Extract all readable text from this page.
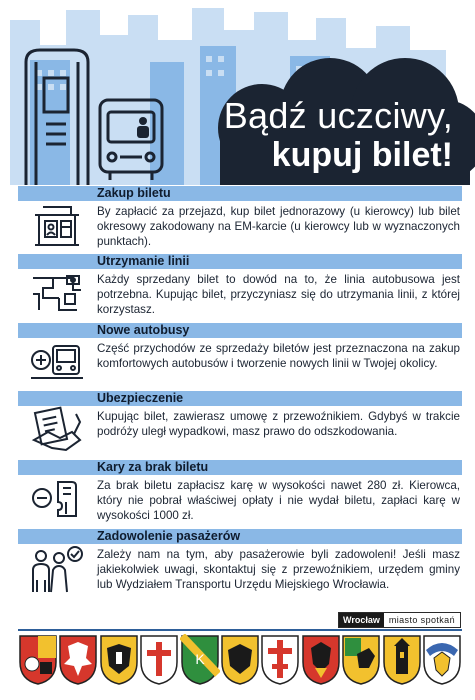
Bądź uczciwy,
kupuj bilet!
Zakup biletu
By zapłacić za przejazd, kup bilet jednorazowy (u kierowcy) lub bilet okresowy zakodowany na EM-karcie (u kierowcy lub w wyznaczonych punktach).
Utrzymanie linii
Każdy sprzedany bilet to dowód na to, że linia autobusowa jest potrzebna. Kupując bilet, przyczyniasz się do utrzymania linii, z której korzystasz.
Nowe autobusy
Część przychodów ze sprzedaży biletów jest przeznaczona na zakup komfortowych autobusów i tworzenie nowych linii w Twojej okolicy.
Ubezpieczenie
Kupując bilet, zawierasz umowę z przewoźnikiem. Gdybyś w trakcie podróży uległ wypadkowi, masz prawo do odszkodowania.
Kary za brak biletu
Za brak biletu zapłacisz karę w wysokości nawet 280 zł. Kierowca, który nie pobrał właściwej opłaty i nie wydał biletu, zapłaci karę w wysokości 1000 zł.
Zadowolenie pasażerów
Zależy nam na tym, aby pasażerowie byli zadowoleni! Jeśli masz jakiekolwiek uwagi, skontaktuj się z przewoźnikiem, urzędem gminy lub Wydziałem Transportu Urzędu Miejskiego Wrocławia.
Wrocław	miasto spotkań
K
